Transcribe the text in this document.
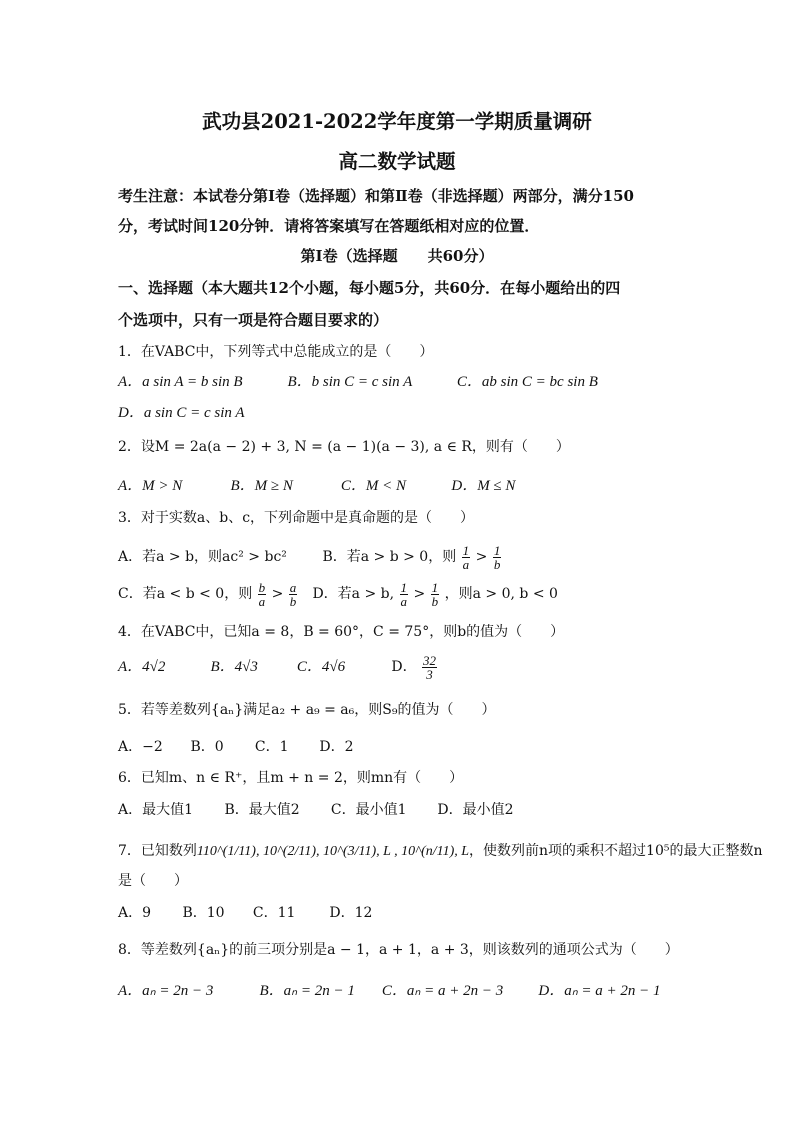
武功县2021-2022学年度第一学期质量调研
高二数学试题
考生注意：本试卷分第Ⅰ卷（选择题）和第Ⅱ卷（非选择题）两部分，满分150
分，考试时间120分钟．请将答案填写在答题纸相对应的位置．
第Ⅰ卷（选择题　　共60分）
一、选择题（本大题共12个小题，每小题5分，共60分．在每小题给出的四
个选项中，只有一项是符合题目要求的）
1．在VABC中，下列等式中总能成立的是（　　）
A．a sin A = b sin B	B．b sin C = c sin A	C．ab sin C = bc sin B
D．a sin C = c sin A
2．设M = 2a(a − 2) + 3, N = (a − 1)(a − 3), a ∈ R，则有（　　）
A．M > N	B．M ≥ N	C．M < N	D．M ≤ N
3．对于实数a、b、c，下列命题中是真命题的是（　　）
A．若a > b，则ac² > bc²	B．若a > b > 0，则 $\frac{1}{a} > \frac{1}{b}$
C．若a < b < 0，则 $\frac{b}{a} > \frac{a}{b}$ D．若a > b, $\frac{1}{a} > \frac{1}{b}$ ，则a > 0, b < 0
4．在VABC中，已知a = 8，B = 60°，C = 75°，则b的值为（　　）
A．4√2	B．4√3	C．4√6	D． $\frac{32}{3}$
5．若等差数列{aₙ}满足a₂ + a₉ = a₆，则S₉的值为（　　）
A．−2 B．0 C．1 D．2
6．已知m、n ∈ R⁺，且m + n = 2，则mn有（　　）
A．最大值1 B．最大值2 C．最小值1 D．最小值2
7．已知数列110^(1/11), 10^(2/11), 10^(3/11), L , 10^(n/11), L，使数列前n项的乘积不超过10⁵的最大正整数n
是（　　）
A．9 B．10 C．11 D．12
8．等差数列{aₙ}的前三项分别是a − 1，a + 1，a + 3，则该数列的通项公式为（　　）
A．aₙ = 2n − 3	B．aₙ = 2n − 1 C．aₙ = a + 2n − 3 D．aₙ = a + 2n − 1
